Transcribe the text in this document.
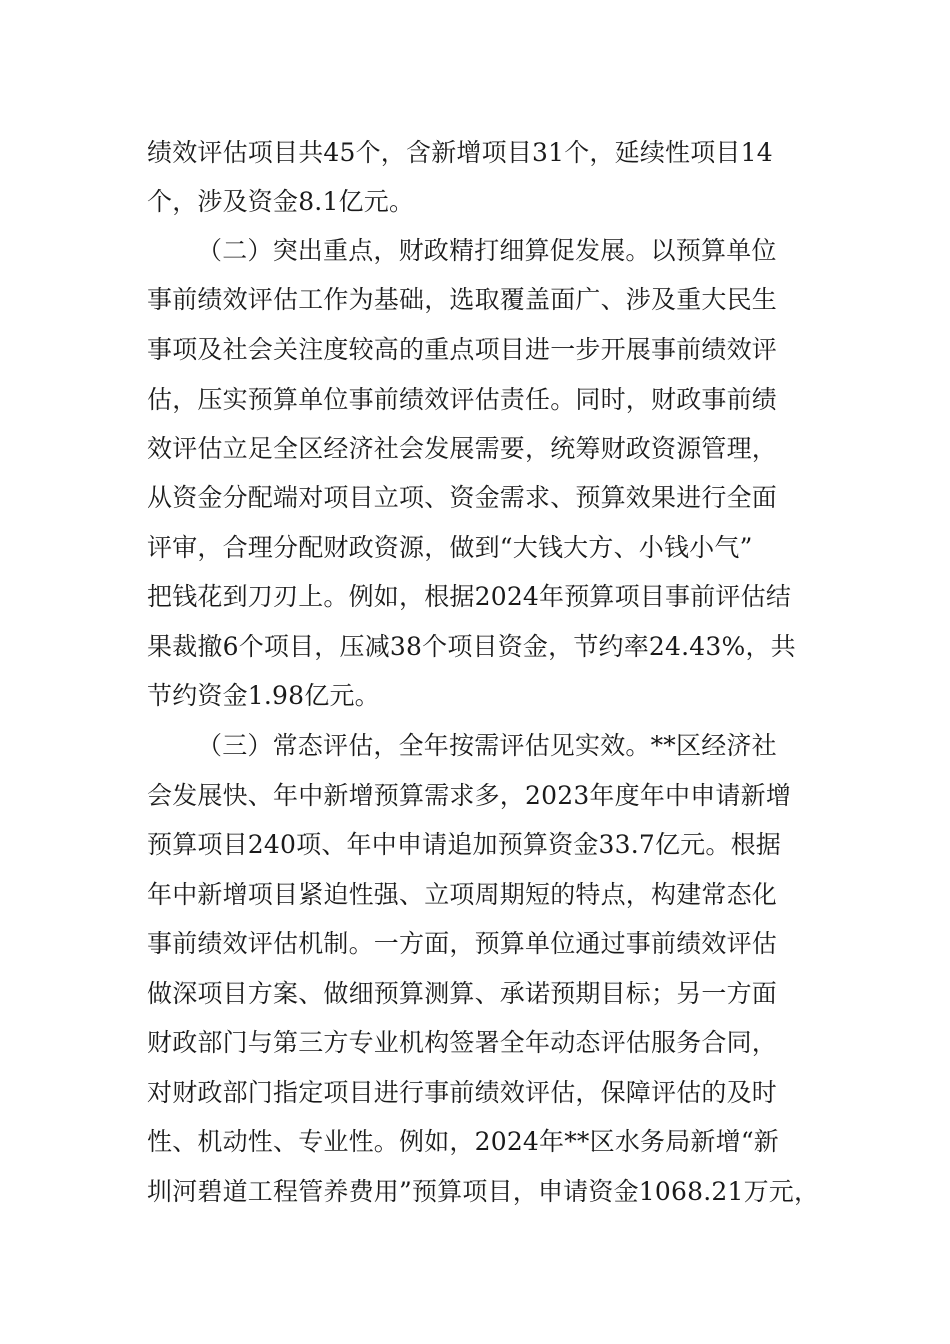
绩效评估项目共45个，含新增项目31个，延续性项目14

个，涉及资金8.1亿元。

（二）突出重点，财政精打细算促发展。以预算单位

事前绩效评估工作为基础，选取覆盖面广、涉及重大民生

事项及社会关注度较高的重点项目进一步开展事前绩效评

估，压实预算单位事前绩效评估责任。同时，财政事前绩

效评估立足全区经济社会发展需要，统筹财政资源管理，

从资金分配端对项目立项、资金需求、预算效果进行全面

评审，合理分配财政资源，做到“大钱大方、小钱小气”

把钱花到刀刃上。例如，根据2024年预算项目事前评估结

果裁撤6个项目，压减38个项目资金，节约率24.43%，共

节约资金1.98亿元。

（三）常态评估，全年按需评估见实效。**区经济社

会发展快、年中新增预算需求多，2023年度年中申请新增

预算项目240项、年中申请追加预算资金33.7亿元。根据

年中新增项目紧迫性强、立项周期短的特点，构建常态化

事前绩效评估机制。一方面，预算单位通过事前绩效评估

做深项目方案、做细预算测算、承诺预期目标；另一方面

财政部门与第三方专业机构签署全年动态评估服务合同，

对财政部门指定项目进行事前绩效评估，保障评估的及时

性、机动性、专业性。例如，2024年**区水务局新增“新

圳河碧道工程管养费用”预算项目，申请资金1068.21万元，
